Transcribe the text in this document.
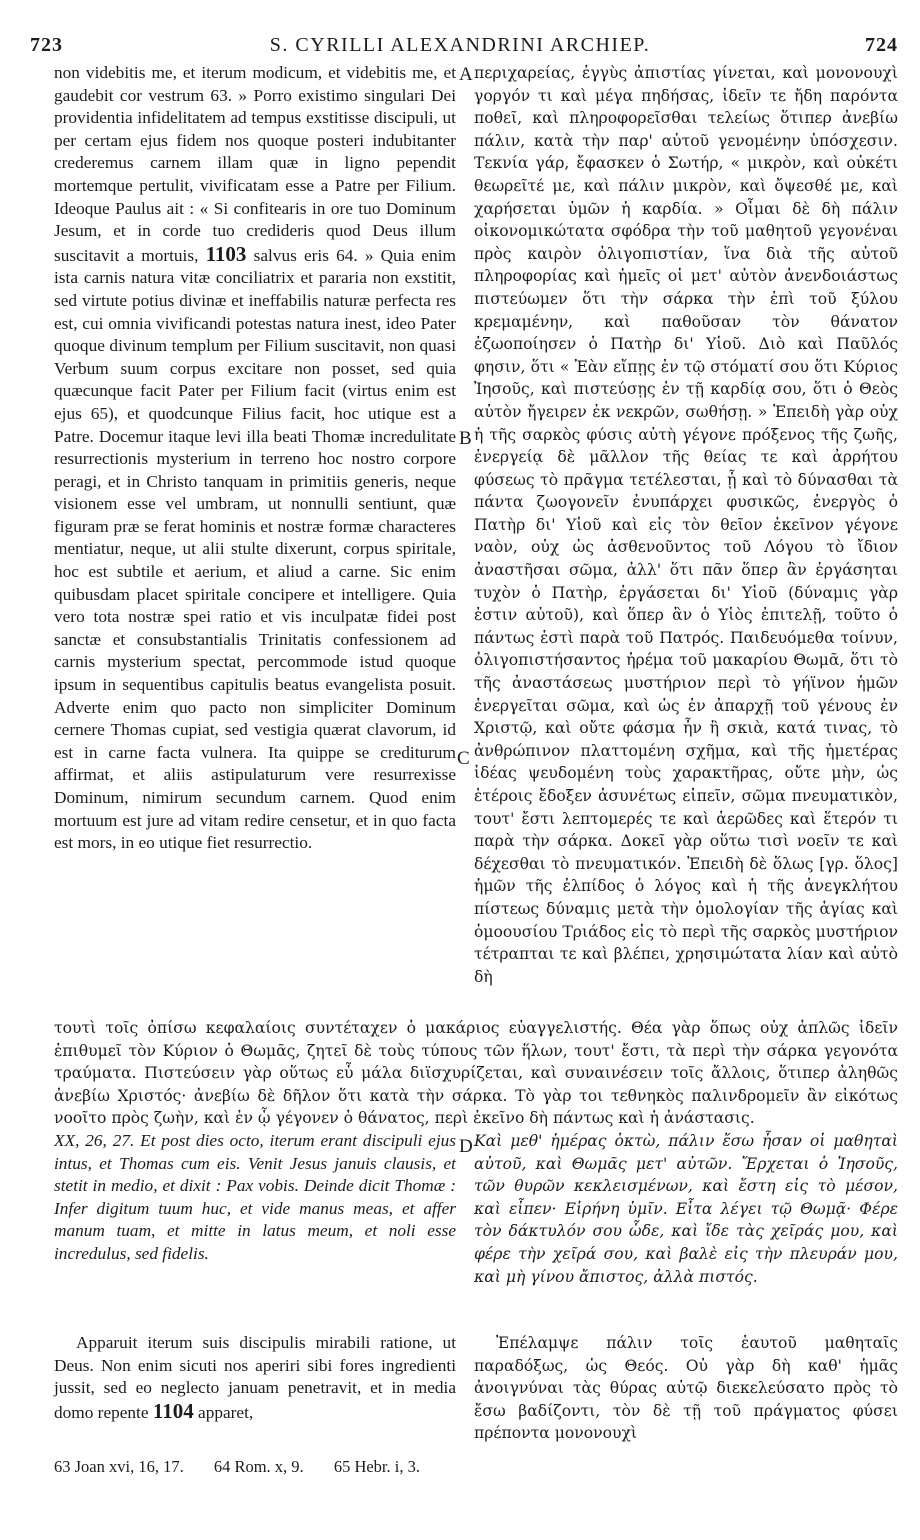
723	S. CYRILLI ALEXANDRINI ARCHIEP.	724

non videbitis me, et iterum modicum, et videbitis me, et gaudebit cor vestrum 63. » Porro existimo singulari Dei providentia infidelitatem ad tempus exstitisse discipuli, ut per certam ejus fidem nos quoque posteri indubitanter crederemus carnem illam quæ in ligno pependit mortemque pertulit, vivificatam esse a Patre per Filium. Ideoque Paulus ait : « Si confitearis in ore tuo Dominum Jesum, et in corde tuo credideris quod Deus illum suscitavit a mortuis, 1103 salvus eris 64. » Quia enim ista carnis natura vitæ conciliatrix et pararia non exstitit, sed virtute potius divinæ et ineffabilis naturæ perfecta res est, cui omnia vivificandi potestas natura inest, ideo Pater quoque divinum templum per Filium suscitavit, non quasi Verbum suum corpus excitare non posset, sed quia quæcunque facit Pater per Filium facit (virtus enim est ejus 65), et quodcunque Filius facit, hoc utique est a Patre. Docemur itaque levi illa beati Thomæ incredulitate resurrectionis mysterium in terreno hoc nostro corpore peragi, et in Christo tanquam in primitiis generis, neque visionem esse vel umbram, ut nonnulli sentiunt, quæ figuram præ se ferat hominis et nostræ formæ characteres mentiatur, neque, ut alii stulte dixerunt, corpus spiritale, hoc est subtile et aerium, et aliud a carne. Sic enim quibusdam placet spiritale concipere et intelligere. Quia vero tota nostræ spei ratio et vis inculpatæ fidei post sanctæ et consubstantialis Trinitatis confessionem ad carnis mysterium spectat, percommode istud quoque ipsum in sequentibus capitulis beatus evangelista posuit. Adverte enim quo pacto non simpliciter Dominum cernere Thomas cupiat, sed vestigia quærat clavorum, id est in carne facta vulnera. Ita quippe se crediturum affirmat, et aliis astipulaturum vere resurrexisse Dominum, nimirum secundum carnem. Quod enim mortuum est jure ad vitam redire censetur, et in quo facta est mors, in eo utique fiet resurrectio.

περιχαρείας, ἐγγὺς ἀπιστίας γίνεται, καὶ μονονουχὶ γοργόν τι καὶ μέγα πηδήσας, ἰδεῖν τε ἤδη παρόντα ποθεῖ, καὶ πληροφορεῖσθαι τελείως ὅτιπερ ἀνεβίω πάλιν, κατὰ τὴν παρ' αὐτοῦ γενομένην ὑπόσχεσιν. Τεκνία γάρ, ἔφασκεν ὁ Σωτήρ, « μικρὸν, καὶ οὐκέτι θεωρεῖτέ με, καὶ πάλιν μικρὸν, καὶ ὄψεσθέ με, καὶ χαρήσεται ὑμῶν ἡ καρδία. » Οἶμαι δὲ δὴ πάλιν οἰκονομικώτατα σφόδρα τὴν τοῦ μαθητοῦ γεγονέναι πρὸς καιρὸν ὀλιγοπιστίαν, ἵνα διὰ τῆς αὐτοῦ πληροφορίας καὶ ἡμεῖς οἱ μετ' αὐτὸν ἀνενδοιάστως πιστεύωμεν ὅτι τὴν σάρκα τὴν ἐπὶ τοῦ ξύλου κρεμαμένην, καὶ παθοῦσαν τὸν θάνατον ἐζωοποίησεν ὁ Πατὴρ δι' Υἱοῦ. Διὸ καὶ Παῦλός φησιν, ὅτι « Ἐὰν εἴπῃς ἐν τῷ στόματί σου ὅτι Κύριος Ἰησοῦς, καὶ πιστεύσῃς ἐν τῇ καρδίᾳ σου, ὅτι ὁ Θεὸς αὐτὸν ἤγειρεν ἐκ νεκρῶν, σωθήσῃ. » Ἐπειδὴ γὰρ οὐχ ἡ τῆς σαρκὸς φύσις αὐτὴ γέγονε πρόξενος τῆς ζωῆς, ἐνεργείᾳ δὲ μᾶλλον τῆς θείας τε καὶ ἀρρήτου φύσεως τὸ πρᾶγμα τετέλεσται, ᾗ καὶ τὸ δύνασθαι τὰ πάντα ζωογονεῖν ἐνυπάρχει φυσικῶς, ἐνεργὸς ὁ Πατὴρ δι' Υἱοῦ καὶ εἰς τὸν θεῖον ἐκεῖνον γέγονε ναὸν, οὐχ ὡς ἀσθενοῦντος τοῦ Λόγου τὸ ἴδιον ἀναστῆσαι σῶμα, ἀλλ' ὅτι πᾶν ὅπερ ἂν ἐργάσηται τυχὸν ὁ Πατὴρ, ἐργάσεται δι' Υἱοῦ (δύναμις γὰρ ἐστιν αὐτοῦ), καὶ ὅπερ ἂν ὁ Υἱὸς ἐπιτελῇ, τοῦτο ὁ πάντως ἐστὶ παρὰ τοῦ Πατρός. Παιδευόμεθα τοίνυν, ὀλιγοπιστήσαντος ἠρέμα τοῦ μακαρίου Θωμᾶ, ὅτι τὸ τῆς ἀναστάσεως μυστήριον περὶ τὸ γήϊνον ἡμῶν ἐνεργεῖται σῶμα, καὶ ὡς ἐν ἀπαρχῇ τοῦ γένους ἐν Χριστῷ, καὶ οὔτε φάσμα ἦν ἢ σκιὰ, κατά τινας, τὸ ἀνθρώπινον πλαττομένη σχῆμα, καὶ τῆς ἡμετέρας ἰδέας ψευδομένη τοὺς χαρακτῆρας, οὔτε μὴν, ὡς ἑτέροις ἔδοξεν ἀσυνέτως εἰπεῖν, σῶμα πνευματικὸν, τουτ' ἔστι λεπτομερές τε καὶ ἀερῶδες καὶ ἕτερόν τι παρὰ τὴν σάρκα. Δοκεῖ γὰρ οὕτω τισὶ νοεῖν τε καὶ δέχεσθαι τὸ πνευματικόν. Ἐπειδὴ δὲ ὅλως [γρ. ὅλος] ἡμῶν τῆς ἐλπίδος ὁ λόγος καὶ ἡ τῆς ἀνεγκλήτου πίστεως δύναμις μετὰ τὴν ὁμολογίαν τῆς ἁγίας καὶ ὁμοουσίου Τριάδος εἰς τὸ περὶ τῆς σαρκὸς μυστήριον τέτραπται τε καὶ βλέπει, χρησιμώτατα λίαν καὶ αὐτὸ δὴ

A
B
C
D

τουτὶ τοῖς ὀπίσω κεφαλαίοις συντέταχεν ὁ μακάριος εὐαγγελιστής. Θέα γὰρ ὅπως οὐχ ἁπλῶς ἰδεῖν ἐπιθυμεῖ τὸν Κύριον ὁ Θωμᾶς, ζητεῖ δὲ τοὺς τύπους τῶν ἥλων, τουτ' ἔστι, τὰ περὶ τὴν σάρκα γεγονότα τραύματα. Πιστεύσειν γὰρ οὕτως εὖ μάλα διϊσχυρίζεται, καὶ συναινέσειν τοῖς ἄλλοις, ὅτιπερ ἀληθῶς ἀνεβίω Χριστός· ἀνεβίω δὲ δῆλον ὅτι κατὰ τὴν σάρκα. Τὸ γὰρ τοι τεθνηκὸς παλινδρομεῖν ἂν εἰκότως νοοῖτο πρὸς ζωὴν, καὶ ἐν ᾧ γέγονεν ὁ θάνατος, περὶ ἐκεῖνο δὴ πάντως καὶ ἡ ἀνάστασις.

XX, 26, 27. Et post dies octo, iterum erant discipuli ejus intus, et Thomas cum eis. Venit Jesus januis clausis, et stetit in medio, et dixit : Pax vobis. Deinde dicit Thomæ : Infer digitum tuum huc, et vide manus meas, et affer manum tuam, et mitte in latus meum, et noli esse incredulus, sed fidelis.

Καὶ μεθ' ἡμέρας ὀκτὼ, πάλιν ἔσω ἦσαν οἱ μαθηταὶ αὐτοῦ, καὶ Θωμᾶς μετ' αὐτῶν. Ἔρχεται ὁ Ἰησοῦς, τῶν θυρῶν κεκλεισμένων, καὶ ἔστη εἰς τὸ μέσον, καὶ εἶπεν· Εἰρήνη ὑμῖν. Εἶτα λέγει τῷ Θωμᾷ· Φέρε τὸν δάκτυλόν σου ὧδε, καὶ ἴδε τὰς χεῖράς μου, καὶ φέρε τὴν χεῖρά σου, καὶ βαλὲ εἰς τὴν πλευράν μου, καὶ μὴ γίνου ἄπιστος, ἀλλὰ πιστός.

Apparuit iterum suis discipulis mirabili ratione, ut Deus. Non enim sicuti nos aperiri sibi fores ingredienti jussit, sed eo neglecto januam penetravit, et in media domo repente 1104 apparet,

Ἐπέλαμψε πάλιν τοῖς ἑαυτοῦ μαθηταῖς παραδόξως, ὡς Θεός. Οὐ γὰρ δὴ καθ' ἡμᾶς ἀνοιγνύναι τὰς θύρας αὐτῷ διεκελεύσατο πρὸς τὸ ἔσω βαδίζοντι, τὸν δὲ τῇ τοῦ πράγματος φύσει πρέποντα μονονουχὶ

63 Joan xvi, 16, 17. 64 Rom. x, 9. 65 Hebr. i, 3.
